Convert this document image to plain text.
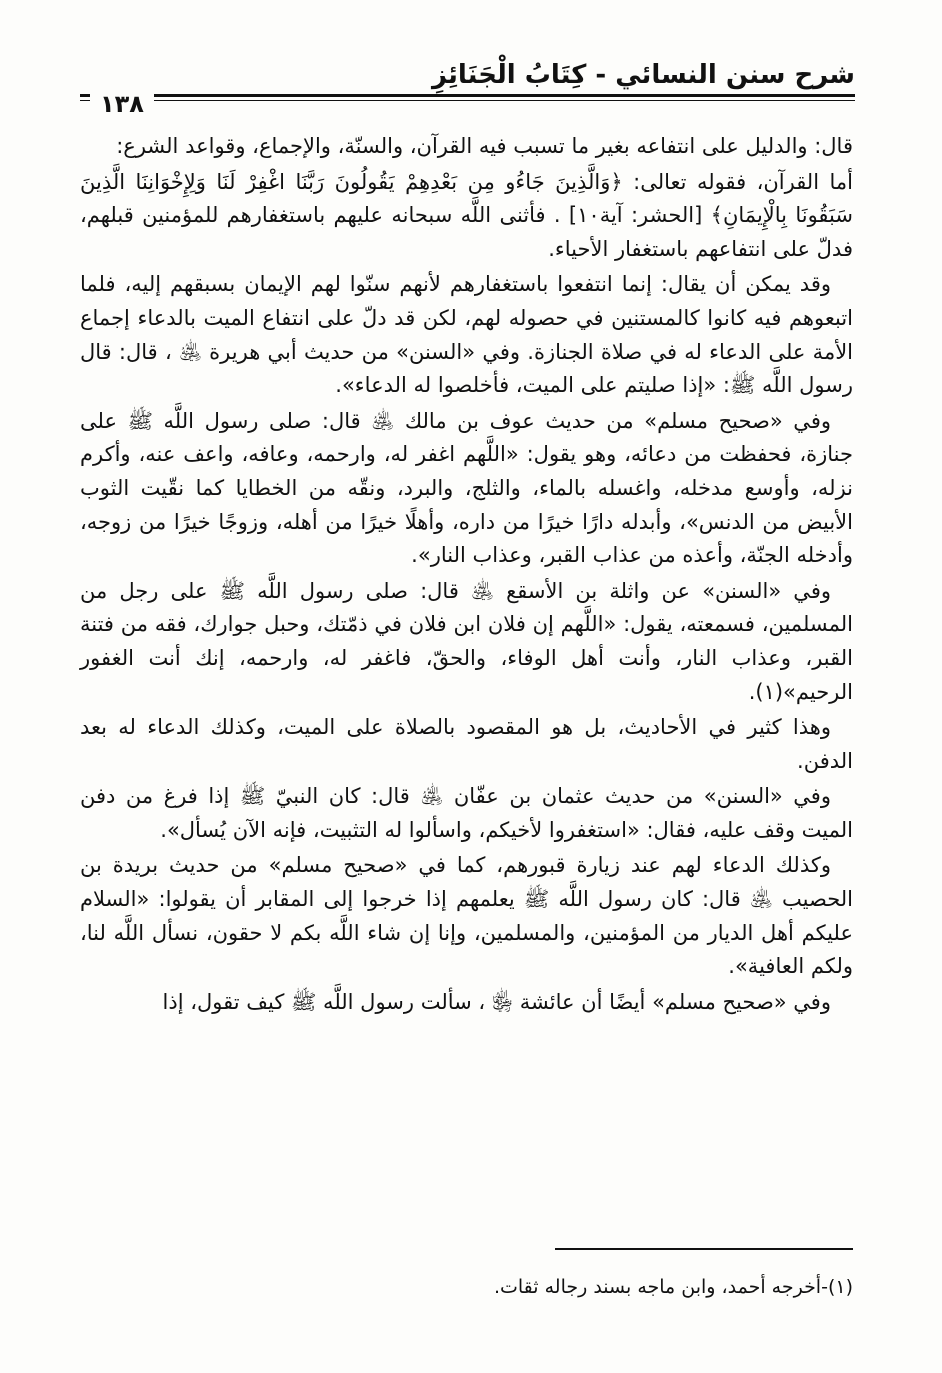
شرح سنن النسائي - كِتَابُ الْجَنَائِزِ
١٣٨

قال: والدليل على انتفاعه بغير ما تسبب فيه القرآن، والسنّة، والإجماع، وقواعد الشرع:

أما القرآن، فقوله تعالى: ﴿وَالَّذِينَ جَاءُو مِن بَعْدِهِمْ يَقُولُونَ رَبَّنَا اغْفِرْ لَنَا وَلِإِخْوَانِنَا الَّذِينَ سَبَقُونَا بِالْإِيمَانِ﴾ [الحشر: آية١٠] . فأثنى اللَّه سبحانه عليهم باستغفارهم للمؤمنين قبلهم، فدلّ على انتفاعهم باستغفار الأحياء.

وقد يمكن أن يقال: إنما انتفعوا باستغفارهم لأنهم سنّوا لهم الإيمان بسبقهم إليه، فلما اتبعوهم فيه كانوا كالمستنين في حصوله لهم، لكن قد دلّ على انتفاع الميت بالدعاء إجماع الأمة على الدعاء له في صلاة الجنازة. وفي «السنن» من حديث أبي هريرة ﵁ ، قال: قال رسول اللَّه ﷺ: «إذا صليتم على الميت، فأخلصوا له الدعاء».

وفي «صحيح مسلم» من حديث عوف بن مالك ﵁ قال: صلى رسول اللَّه ﷺ على جنازة، فحفظت من دعائه، وهو يقول: «اللَّهم اغفر له، وارحمه، وعافه، واعف عنه، وأكرم نزله، وأوسع مدخله، واغسله بالماء، والثلج، والبرد، ونقّه من الخطايا كما نقّيت الثوب الأبيض من الدنس»، وأبدله دارًا خيرًا من داره، وأهلًا خيرًا من أهله، وزوجًا خيرًا من زوجه، وأدخله الجنّة، وأعذه من عذاب القبر، وعذاب النار».

وفي «السنن» عن واثلة بن الأسقع ﵁ قال: صلى رسول اللَّه ﷺ على رجل من المسلمين، فسمعته، يقول: «اللَّهم إن فلان ابن فلان في ذمّتك، وحبل جوارك، فقه من فتنة القبر، وعذاب النار، وأنت أهل الوفاء، والحقّ، فاغفر له، وارحمه، إنك أنت الغفور الرحيم»(١).

وهذا كثير في الأحاديث، بل هو المقصود بالصلاة على الميت، وكذلك الدعاء له بعد الدفن.

وفي «السنن» من حديث عثمان بن عفّان ﵁ قال: كان النبيّ ﷺ إذا فرغ من دفن الميت وقف عليه، فقال: «استغفروا لأخيكم، واسألوا له التثبيت، فإنه الآن يُسأل».

وكذلك الدعاء لهم عند زيارة قبورهم، كما في «صحيح مسلم» من حديث بريدة بن الحصيب ﵁ قال: كان رسول اللَّه ﷺ يعلمهم إذا خرجوا إلى المقابر أن يقولوا: «السلام عليكم أهل الديار من المؤمنين، والمسلمين، وإنا إن شاء اللَّه بكم لا حقون، نسأل اللَّه لنا، ولكم العافية».

وفي «صحيح مسلم» أيضًا أن عائشة ﵂ ، سألت رسول اللَّه ﷺ كيف تقول، إذا

(١)-أخرجه أحمد، وابن ماجه بسند رجاله ثقات.
